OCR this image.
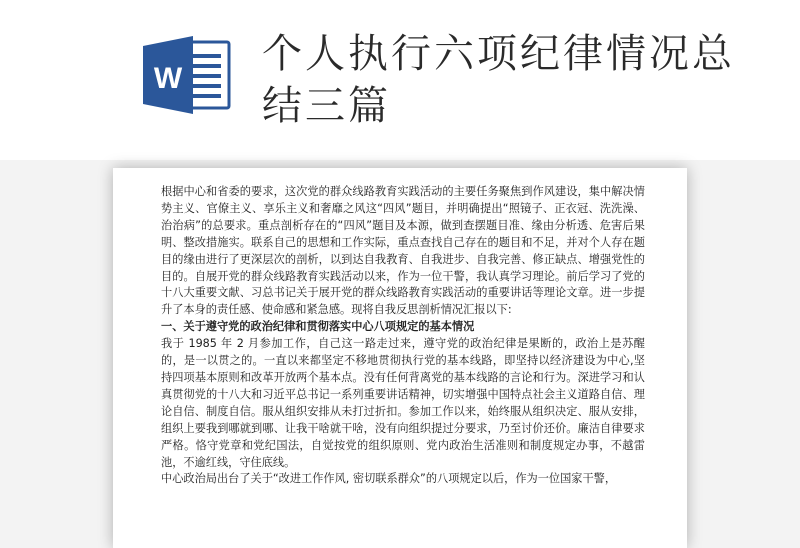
W
个人执行六项纪律情况总结三篇

根据中心和省委的要求，这次党的群众线路教育实践活动的主要任务聚焦到作风建设，集中解决情势主义、官僚主义、享乐主义和奢靡之风这“四风”题目，并明确提出“照镜子、正衣冠、洗洗澡、治治病”的总要求。重点剖析存在的“四风”题目及本源，做到查摆题目准、缘由分析透、危害后果明、整改措施实。联系自己的思想和工作实际，重点查找自己存在的题目和不足，并对个人存在题目的缘由进行了更深层次的剖析，以到达自我教育、自我进步、自我完善、修正缺点、增强党性的目的。自展开党的群众线路教育实践活动以来，作为一位干警，我认真学习理论。前后学习了党的十八大重要文献、习总书记关于展开党的群众线路教育实践活动的重要讲话等理论文章。进一步提升了本身的责任感、使命感和紧急感。现将自我反思剖析情况汇报以下:

一、关于遵守党的政治纪律和贯彻落实中心八项规定的基本情况

我于 1985 年 2 月参加工作，自己这一路走过来，遵守党的政治纪律是果断的，政治上是苏醒的，是一以贯之的。一直以来都坚定不移地贯彻执行党的基本线路，即坚持以经济建设为中心,坚持四项基本原则和改革开放两个基本点。没有任何背离党的基本线路的言论和行为。深进学习和认真贯彻党的十八大和习近平总书记一系列重要讲话精神，切实增强中国特点社会主义道路自信、理论自信、制度自信。服从组织安排从未打过折扣。参加工作以来，始终服从组织决定、服从安排，组织上要我到哪就到哪、让我干啥就干啥，没有向组织提过分要求，乃至讨价还价。廉洁自律要求严格。恪守党章和党纪国法，自觉按党的组织原则、党内政治生活准则和制度规定办事，不越雷池，不逾红线，守住底线。

中心政治局出台了关于“改进工作作风, 密切联系群众”的八项规定以后，作为一位国家干警，
